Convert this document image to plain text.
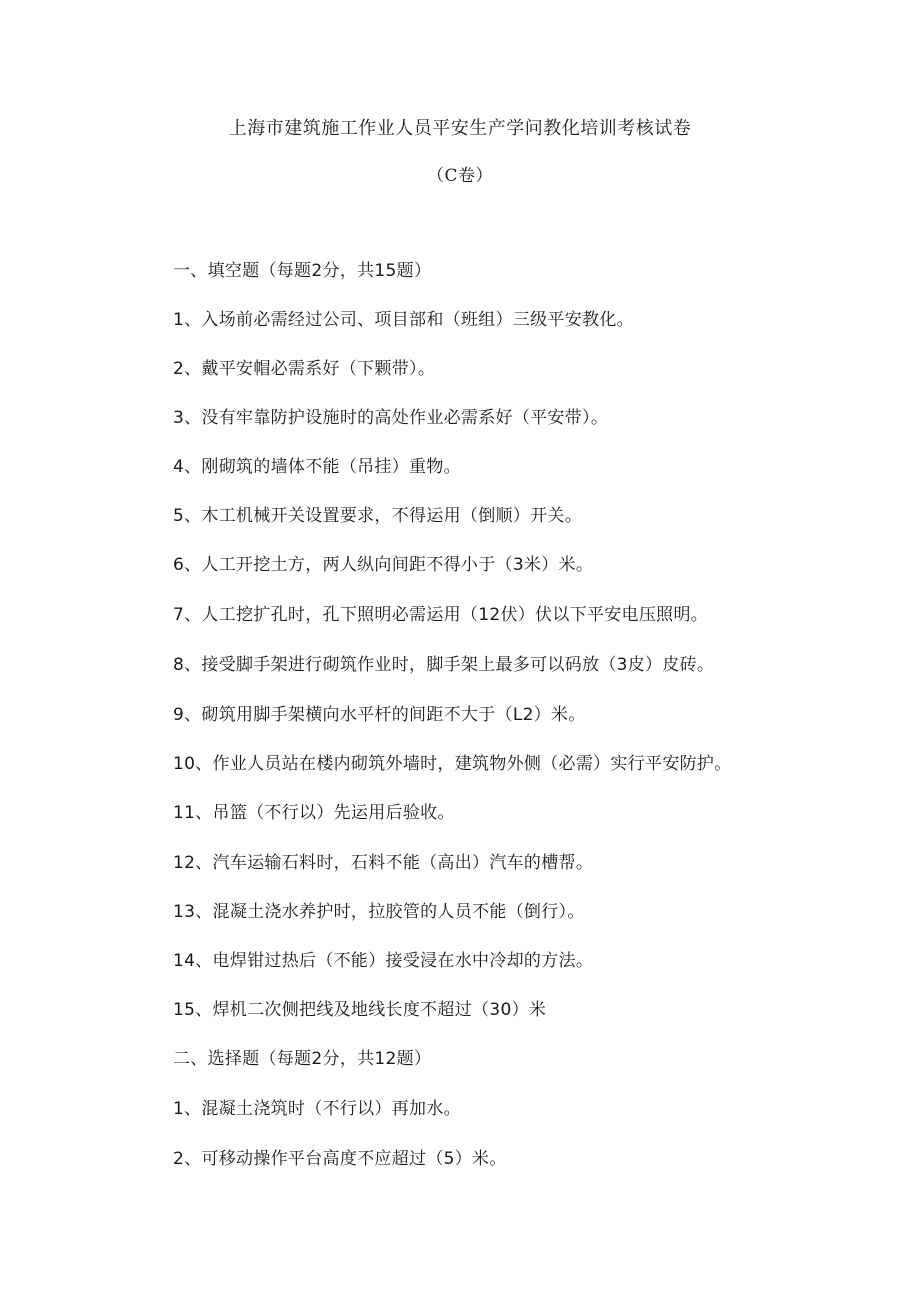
上海市建筑施工作业人员平安生产学问教化培训考核试卷
（C卷）
一、填空题（每题2分，共15题）
1、入场前必需经过公司、项目部和（班组）三级平安教化。
2、戴平安帽必需系好（下颗带）。
3、没有牢靠防护设施时的高处作业必需系好（平安带）。
4、刚砌筑的墙体不能（吊挂）重物。
5、木工机械开关设置要求，不得运用（倒顺）开关。
6、人工开挖土方，两人纵向间距不得小于（3米）米。
7、人工挖扩孔时，孔下照明必需运用（12伏）伏以下平安电压照明。
8、接受脚手架进行砌筑作业时，脚手架上最多可以码放（3皮）皮砖。
9、砌筑用脚手架横向水平杆的间距不大于（L2）米。
10、作业人员站在楼内砌筑外墙时，建筑物外侧（必需）实行平安防护。
11、吊篮（不行以）先运用后验收。
12、汽车运输石料时，石料不能（高出）汽车的槽帮。
13、混凝土浇水养护时，拉胶管的人员不能（倒行）。
14、电焊钳过热后（不能）接受浸在水中冷却的方法。
15、焊机二次侧把线及地线长度不超过（30）米
二、选择题（每题2分，共12题）
1、混凝土浇筑时（不行以）再加水。
2、可移动操作平台高度不应超过（5）米。
